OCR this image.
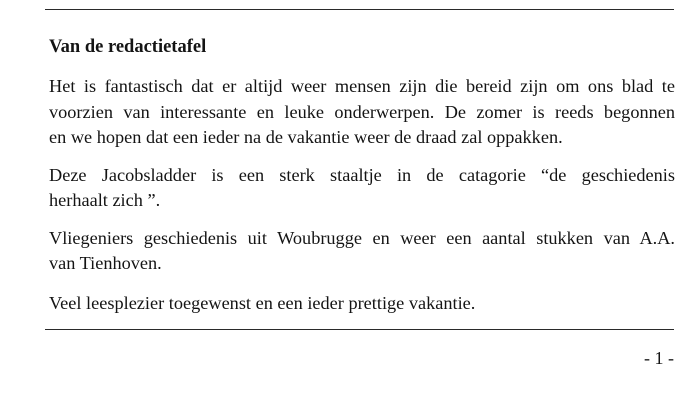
Van de redactietafel

Het is fantastisch dat er altijd weer mensen zijn die bereid zijn om ons blad te
voorzien van interessante en leuke onderwerpen. De zomer is reeds begonnen
en we hopen dat een ieder na de vakantie weer de draad zal oppakken.

Deze Jacobsladder is een sterk staaltje in de catagorie “de geschiedenis
herhaalt zich ”.

Vliegeniers geschiedenis uit Woubrugge en weer een aantal stukken van A.A.
van Tienhoven.

Veel leesplezier toegewenst en een ieder prettige vakantie.

- 1 -
